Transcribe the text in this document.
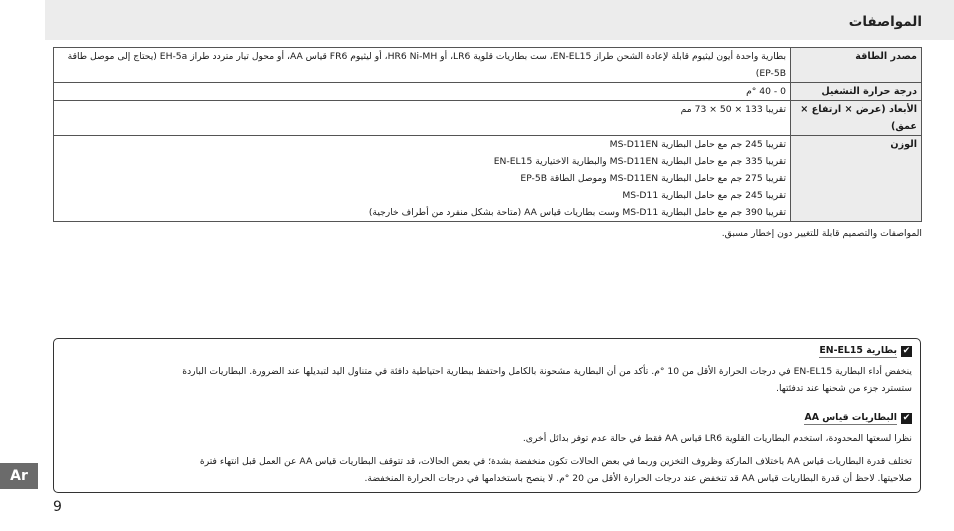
المواصفات
مصدر الطاقة	بطارية واحدة أيون ليثيوم قابلة لإعادة الشحن طراز EN-EL15، ست بطاريات قلوية LR6، أو HR6 Ni-MH، أو ليثيوم FR6 قياس AA، أو محول تيار متردد طراز EH-5a (يحتاج إلى موصل طاقة EP-5B)

درجة حرارة التشغيل	0 - 40 °م
الأبعاد (عرض × ارتفاع × عمق)	تقريبا 133 × 50 × 73 مم
الوزن	تقريبا 245 جم مع حامل البطارية MS-D11EN
تقريبا 335 جم مع حامل البطارية MS-D11EN والبطارية الاختيارية EN-EL15
تقريبا 275 جم مع حامل البطارية MS-D11EN وموصل الطاقة EP-5B
تقريبا 245 جم مع حامل البطارية MS-D11
تقريبا 390 جم مع حامل البطارية MS-D11 وست بطاريات قياس AA (متاحة بشكل منفرد من أطراف خارجية)
المواصفات والتصميم قابلة للتغيير دون إخطار مسبق.
✔
بطارية EN-EL15

ينخفض أداء البطارية EN-EL15 في درجات الحرارة الأقل من 10 °م. تأكد من أن البطارية مشحونة بالكامل واحتفظ ببطارية احتياطية دافئة في متناول اليد لتبديلها عند الضرورة. البطاريات الباردة

ستسترد جزء من شحنها عند تدفئتها.

✔
البطاريات قياس AA

نظرا لسعتها المحدودة، استخدم البطاريات القلوية LR6 قياس AA فقط في حالة عدم توفر بدائل أخرى.

تختلف قدرة البطاريات قياس AA باختلاف الماركة وظروف التخزين وربما في بعض الحالات تكون منخفضة بشدة؛ في بعض الحالات، قد تتوقف البطاريات قياس AA عن العمل قبل انتهاء فترة

صلاحيتها. لاحظ أن قدرة البطاريات قياس AA قد تنخفض عند درجات الحرارة الأقل من 20 °م. لا ينصح باستخدامها في درجات الحرارة المنخفضة.

Ar
9
